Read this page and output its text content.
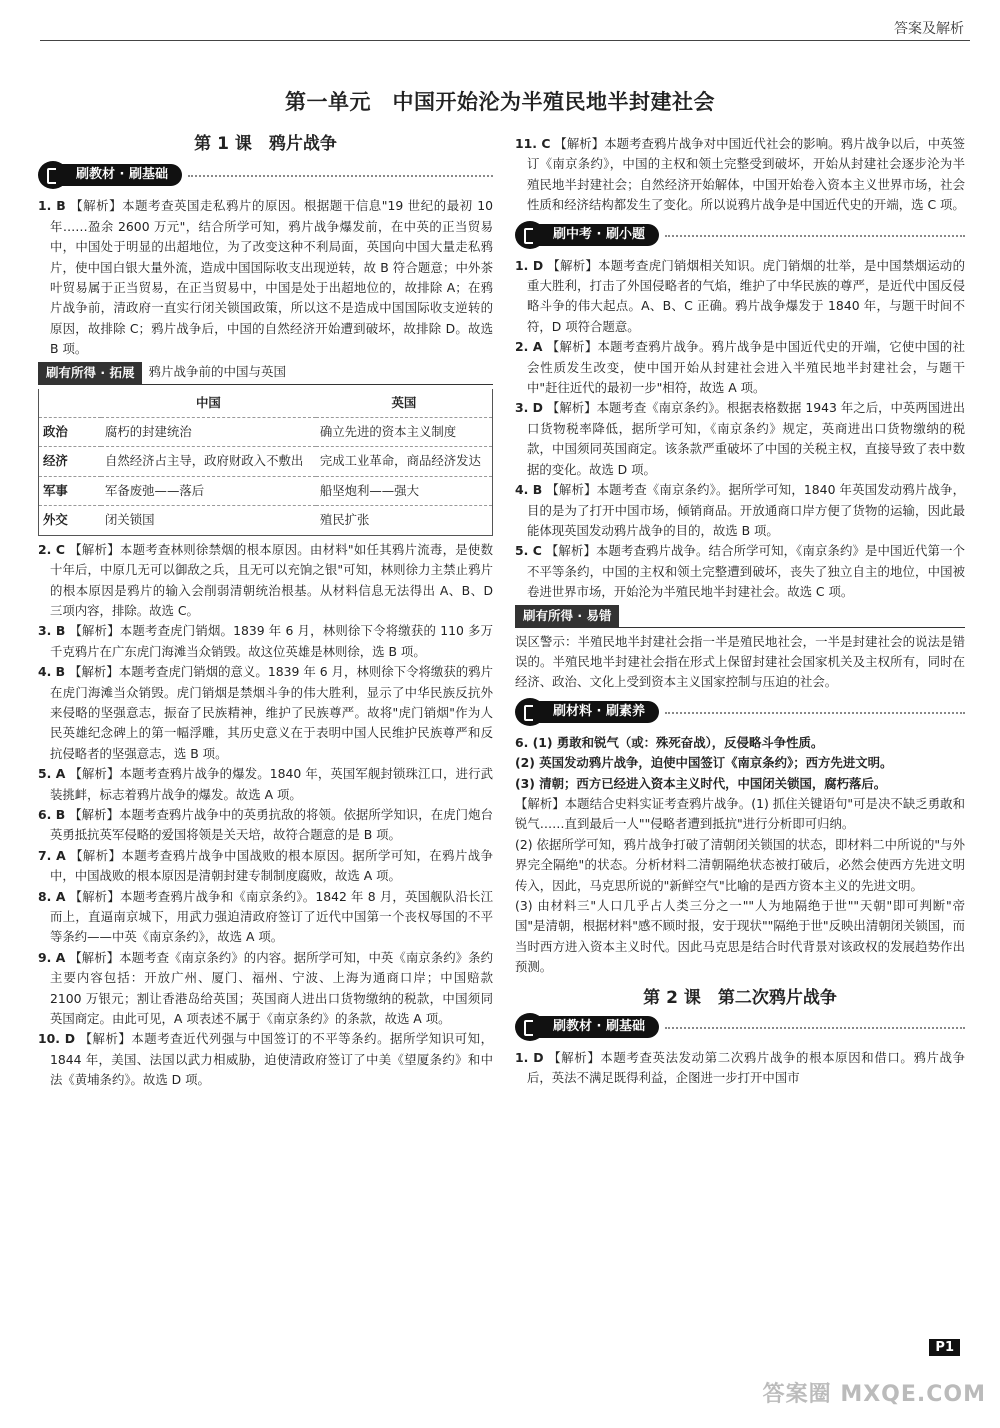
答案及解析
第一单元　中国开始沦为半殖民地半封建社会
第 1 课　鸦片战争
刷教材 · 刷基础

1. B 【解析】本题考查英国走私鸦片的原因。根据题干信息"19 世纪的最初 10 年……盈余 2600 万元"，结合所学可知，鸦片战争爆发前，在中英的正当贸易中，中国处于明显的出超地位，为了改变这种不利局面，英国向中国大量走私鸦片，使中国白银大量外流，造成中国国际收支出现逆转，故 B 符合题意；中外茶叶贸易属于正当贸易，在正当贸易中，中国是处于出超地位的，故排除 A；在鸦片战争前，清政府一直实行闭关锁国政策，所以这不是造成中国国际收支逆转的原因，故排除 C；鸦片战争后，中国的自然经济开始遭到破坏，故排除 D。故选 B 项。

刷有所得 · 拓展	鸦片战争前的中国与英国
	中国	英国
政治	腐朽的封建统治	确立先进的资本主义制度
经济	自然经济占主导，政府财政入不敷出	完成工业革命，商品经济发达
军事	军备废弛——落后	船坚炮利——强大
外交	闭关锁国	殖民扩张

2. C 【解析】本题考查林则徐禁烟的根本原因。由材料"如任其鸦片流毒，是使数十年后，中原几无可以御敌之兵，且无可以充饷之银"可知，林则徐力主禁止鸦片的根本原因是鸦片的输入会削弱清朝统治根基。从材料信息无法得出 A、B、D 三项内容，排除。故选 C。

3. B 【解析】本题考查虎门销烟。1839 年 6 月，林则徐下令将缴获的 110 多万千克鸦片在广东虎门海滩当众销毁。故这位英雄是林则徐，选 B 项。

4. B 【解析】本题考查虎门销烟的意义。1839 年 6 月，林则徐下令将缴获的鸦片在虎门海滩当众销毁。虎门销烟是禁烟斗争的伟大胜利，显示了中华民族反抗外来侵略的坚强意志，振奋了民族精神，维护了民族尊严。故将"虎门销烟"作为人民英雄纪念碑上的第一幅浮雕，其历史意义在于表明中国人民维护民族尊严和反抗侵略者的坚强意志，选 B 项。

5. A 【解析】本题考查鸦片战争的爆发。1840 年，英国军舰封锁珠江口，进行武装挑衅，标志着鸦片战争的爆发。故选 A 项。

6. B 【解析】本题考查鸦片战争中的英勇抗敌的将领。依据所学知识，在虎门炮台英勇抵抗英军侵略的爱国将领是关天培，故符合题意的是 B 项。

7. A 【解析】本题考查鸦片战争中国战败的根本原因。据所学可知，在鸦片战争中，中国战败的根本原因是清朝封建专制制度腐败，故选 A 项。

8. A 【解析】本题考查鸦片战争和《南京条约》。1842 年 8 月，英国舰队沿长江而上，直逼南京城下，用武力强迫清政府签订了近代中国第一个丧权辱国的不平等条约——中英《南京条约》，故选 A 项。

9. A 【解析】本题考查《南京条约》的内容。据所学可知，中英《南京条约》条约主要内容包括：开放广州、厦门、福州、宁波、上海为通商口岸；中国赔款 2100 万银元；割让香港岛给英国；英国商人进出口货物缴纳的税款，中国须同英国商定。由此可见，A 项表述不属于《南京条约》的条款，故选 A 项。

10. D 【解析】本题考查近代列强与中国签订的不平等条约。据所学知识可知，1844 年，美国、法国以武力相威胁，迫使清政府签订了中美《望厦条约》和中法《黄埔条约》。故选 D 项。

11. C 【解析】本题考查鸦片战争对中国近代社会的影响。鸦片战争以后，中英签订《南京条约》，中国的主权和领土完整受到破坏，开始从封建社会逐步沦为半殖民地半封建社会；自然经济开始解体，中国开始卷入资本主义世界市场，社会性质和经济结构都发生了变化。所以说鸦片战争是中国近代史的开端，选 C 项。

刷中考 · 刷小题

1. D 【解析】本题考查虎门销烟相关知识。虎门销烟的壮举，是中国禁烟运动的重大胜利，打击了外国侵略者的气焰，维护了中华民族的尊严，是近代中国反侵略斗争的伟大起点。A、B、C 正确。鸦片战争爆发于 1840 年，与题干时间不符，D 项符合题意。

2. A 【解析】本题考查鸦片战争。鸦片战争是中国近代史的开端，它使中国的社会性质发生改变，使中国开始从封建社会进入半殖民地半封建社会，与题干中"赶往近代的最初一步"相符，故选 A 项。

3. D 【解析】本题考查《南京条约》。根据表格数据 1943 年之后，中英两国进出口货物税率降低，据所学可知，《南京条约》规定，英商进出口货物缴纳的税款，中国须同英国商定。该条款严重破坏了中国的关税主权，直接导致了表中数据的变化。故选 D 项。

4. B 【解析】本题考查《南京条约》。据所学可知，1840 年英国发动鸦片战争，目的是为了打开中国市场，倾销商品。开放通商口岸方便了货物的运输，因此最能体现英国发动鸦片战争的目的，故选 B 项。

5. C 【解析】本题考查鸦片战争。结合所学可知，《南京条约》是中国近代第一个不平等条约，中国的主权和领土完整遭到破坏，丧失了独立自主的地位，中国被卷进世界市场，开始沦为半殖民地半封建社会。故选 C 项。

刷有所得 · 易错

误区警示：半殖民地半封建社会指一半是殖民地社会，一半是封建社会的说法是错误的。半殖民地半封建社会指在形式上保留封建社会国家机关及主权所有，同时在经济、政治、文化上受到资本主义国家控制与压迫的社会。

刷材料 · 刷素养

6. (1) 勇敢和锐气（或：殊死奋战），反侵略斗争性质。

(2) 英国发动鸦片战争，迫使中国签订《南京条约》；西方先进文明。

(3) 清朝；西方已经进入资本主义时代，中国闭关锁国，腐朽落后。

【解析】本题结合史料实证考查鸦片战争。(1) 抓住关键语句"可是决不缺乏勇敢和锐气……直到最后一人""侵略者遭到抵抗"进行分析即可归纳。

(2) 依据所学可知，鸦片战争打破了清朝闭关锁国的状态，即材料二中所说的"与外界完全隔绝"的状态。分析材料二清朝隔绝状态被打破后，必然会使西方先进文明传入，因此，马克思所说的"新鲜空气"比喻的是西方资本主义的先进文明。

(3) 由材料三"人口几乎占人类三分之一""人为地隔绝于世""天朝"即可判断"帝国"是清朝，根据材料"感不顾时报，安于现状""隔绝于世"反映出清朝闭关锁国，而当时西方进入资本主义时代。因此马克思是结合时代背景对该政权的发展趋势作出预测。

第 2 课　第二次鸦片战争
刷教材 · 刷基础

1. D 【解析】本题考查英法发动第二次鸦片战争的根本原因和借口。鸦片战争后，英法不满足既得利益，企图进一步打开中国市

P1
答案圈 MXQE.COM
